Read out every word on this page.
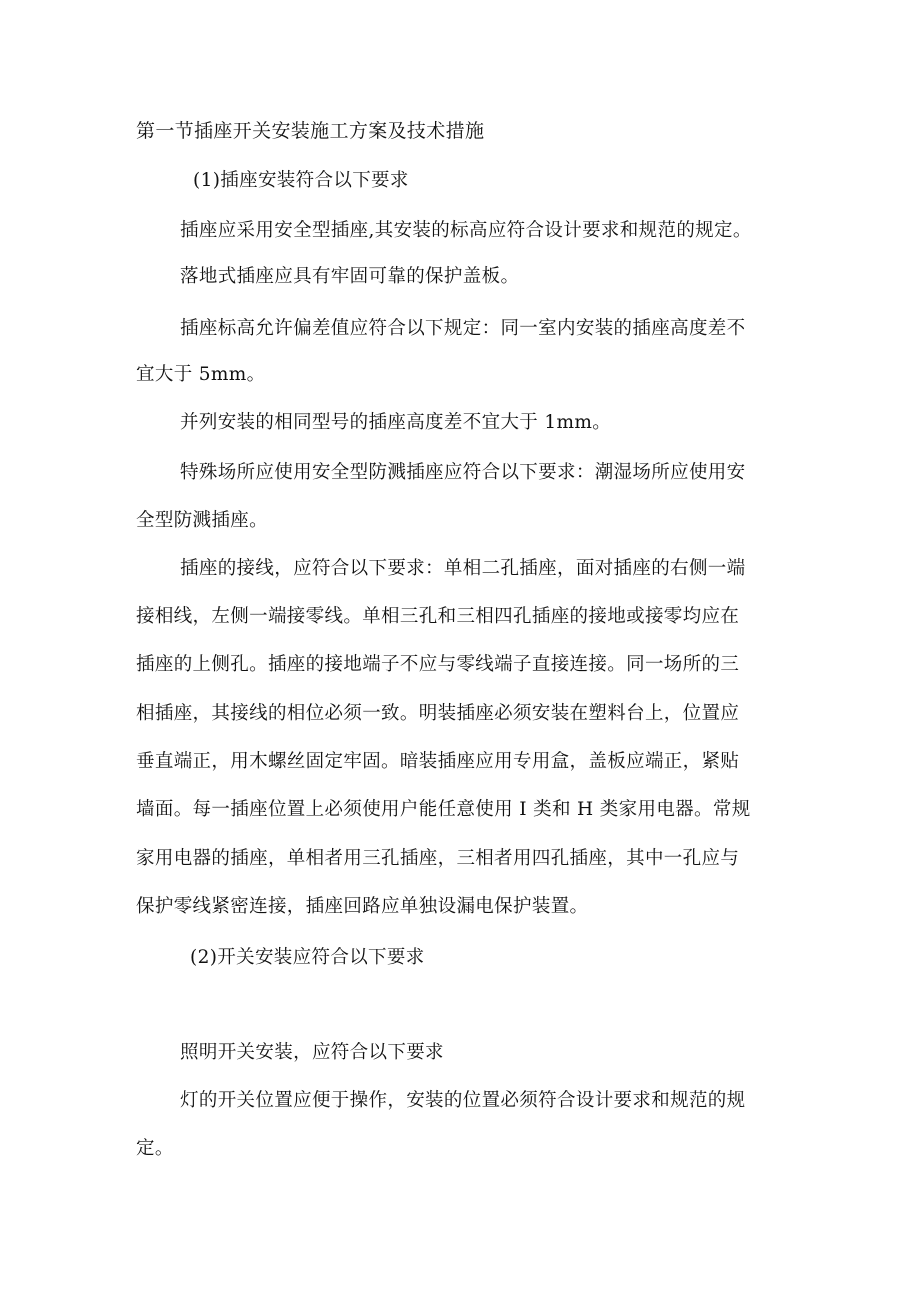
第一节插座开关安装施工方案及技术措施
(1)插座安装符合以下要求
插座应采用安全型插座,其安装的标高应符合设计要求和规范的规定。
落地式插座应具有牢固可靠的保护盖板。
插座标高允许偏差值应符合以下规定：同一室内安装的插座高度差不
宜大于 5mm。
并列安装的相同型号的插座高度差不宜大于 1mm。
特殊场所应使用安全型防溅插座应符合以下要求：潮湿场所应使用安
全型防溅插座。
插座的接线，应符合以下要求：单相二孔插座，面对插座的右侧一端
接相线，左侧一端接零线。单相三孔和三相四孔插座的接地或接零均应在
插座的上侧孔。插座的接地端子不应与零线端子直接连接。同一场所的三
相插座，其接线的相位必须一致。明装插座必须安装在塑料台上，位置应
垂直端正，用木螺丝固定牢固。暗装插座应用专用盒，盖板应端正，紧贴
墙面。每一插座位置上必须使用户能任意使用 I 类和 H 类家用电器。常规
家用电器的插座，单相者用三孔插座，三相者用四孔插座，其中一孔应与
保护零线紧密连接，插座回路应单独设漏电保护装置。
(2)开关安装应符合以下要求
照明开关安装，应符合以下要求
灯的开关位置应便于操作，安装的位置必须符合设计要求和规范的规
定。
